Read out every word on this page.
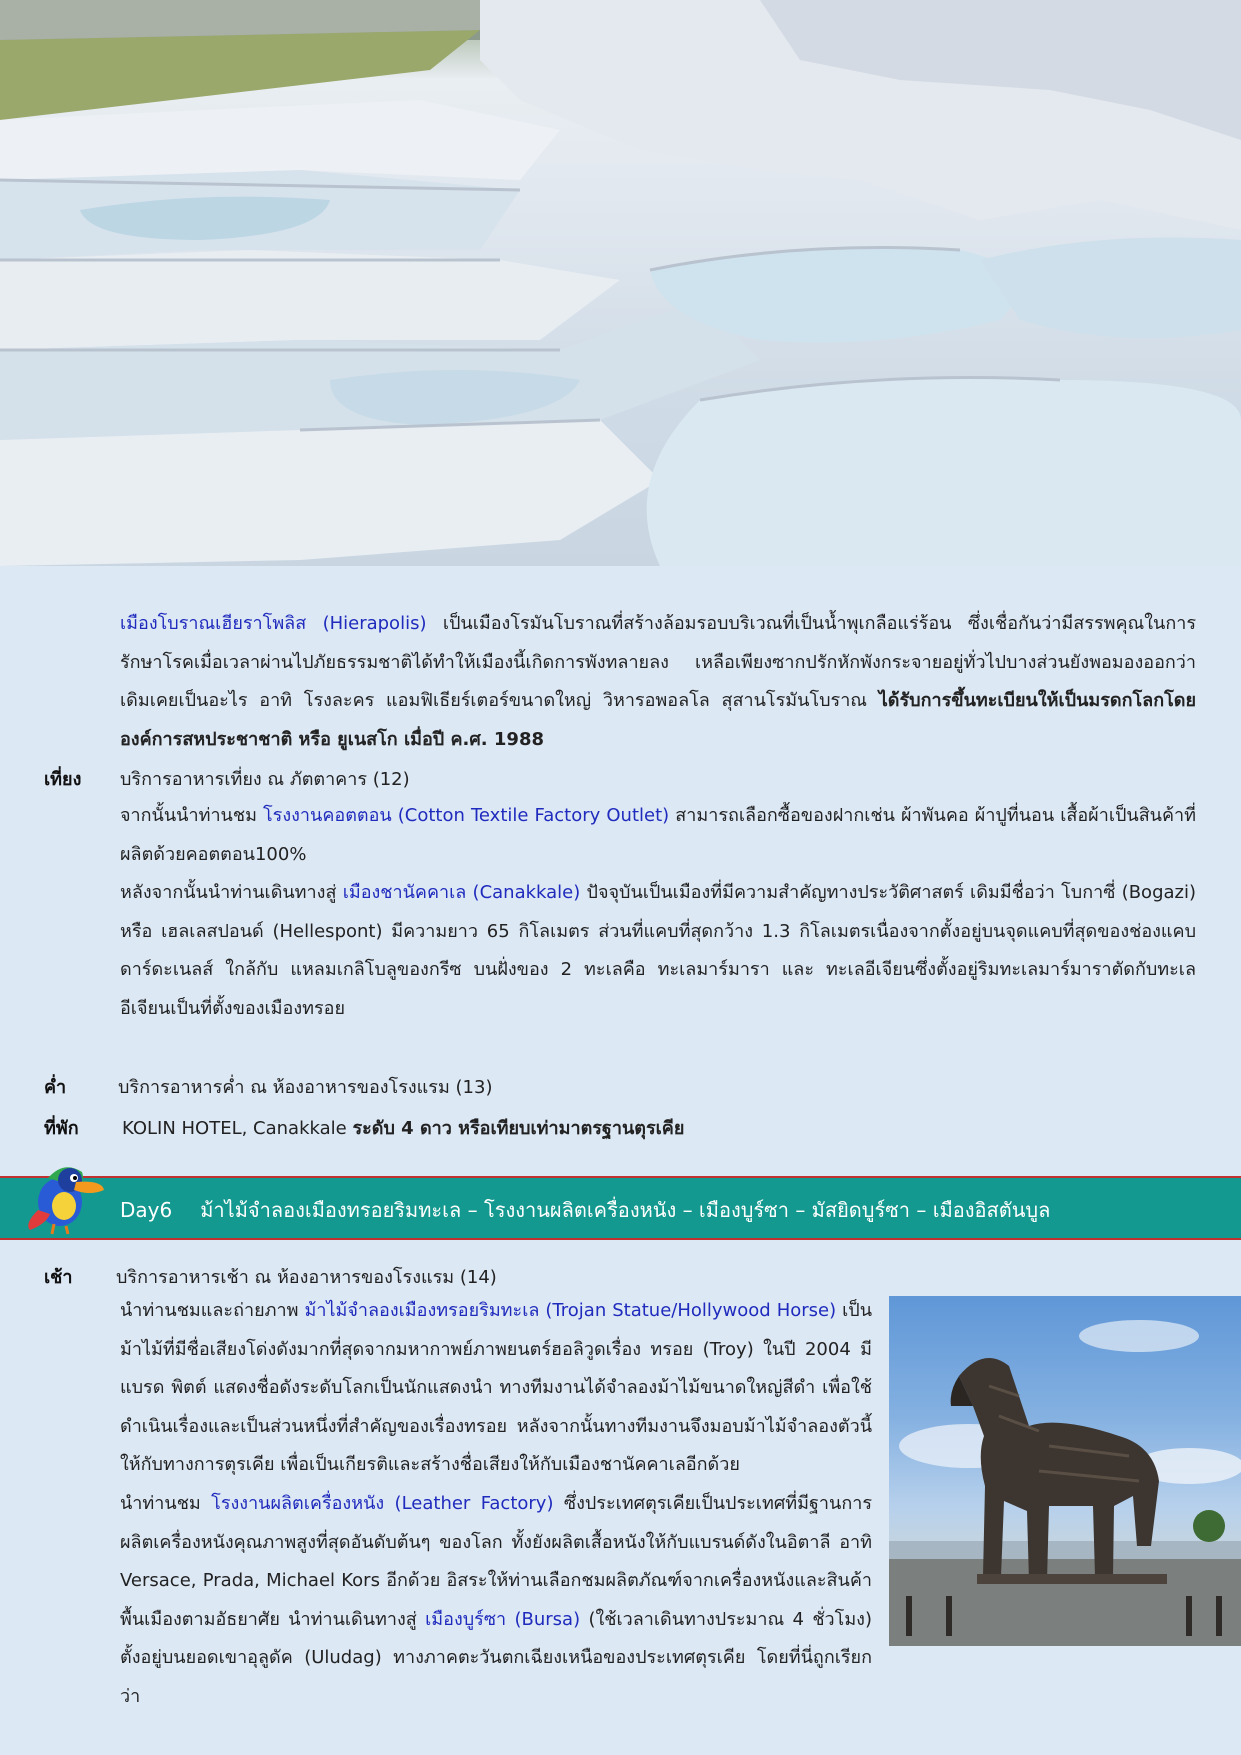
เมืองโบราณเฮียราโพลิส (Hierapolis) เป็นเมืองโรมันโบราณที่สร้างล้อมรอบบริเวณที่เป็นน้ำพุเกลือแร่ร้อน ซึ่งเชื่อกันว่ามีสรรพคุณในการรักษาโรคเมื่อเวลาผ่านไปภัยธรรมชาติได้ทำให้เมืองนี้เกิดการพังทลายลง เหลือเพียงซากปรักหักพังกระจายอยู่ทั่วไปบางส่วนยังพอมองออกว่าเดิมเคยเป็นอะไร อาทิ โรงละคร แอมฟิเธียร์เตอร์ขนาดใหญ่ วิหารอพอลโล สุสานโรมันโบราณ ได้รับการขึ้นทะเบียนให้เป็นมรดกโลกโดยองค์การสหประชาชาติ หรือ ยูเนสโก เมื่อปี ค.ศ. 1988
เที่ยง บริการอาหารเที่ยง ณ ภัตตาคาร (12)
จากนั้นนำท่านชม โรงงานคอตตอน (Cotton Textile Factory Outlet) สามารถเลือกซื้อของฝากเช่น ผ้าพันคอ ผ้าปูที่นอน เสื้อผ้าเป็นสินค้าที่ผลิตด้วยคอตตอน100%
หลังจากนั้นนำท่านเดินทางสู่ เมืองชานัคคาเล (Canakkale) ปัจจุบันเป็นเมืองที่มีความสำคัญทางประวัติศาสตร์ เดิมมีชื่อว่า โบกาซี่ (Bogazi) หรือ เฮลเลสปอนด์ (Hellespont) มีความยาว 65 กิโลเมตร ส่วนที่แคบที่สุดกว้าง 1.3 กิโลเมตรเนื่องจากตั้งอยู่บนจุดแคบที่สุดของช่องแคบดาร์ดะเนลส์ ใกล้กับ แหลมเกลิโบลูของกรีซ บนฝั่งของ 2 ทะเลคือ ทะเลมาร์มารา และ ทะเลอีเจียนซึ่งตั้งอยู่ริมทะเลมาร์มาราตัดกับทะเลอีเจียนเป็นที่ตั้งของเมืองทรอย
ค่ำ	บริการอาหารค่ำ ณ ห้องอาหารของโรงแรม (13)
ที่พัก KOLIN HOTEL, Canakkale ระดับ 4 ดาว หรือเทียบเท่ามาตรฐานตุรเคีย
Day6 ม้าไม้จำลองเมืองทรอยริมทะเล – โรงงานผลิตเครื่องหนัง – เมืองบูร์ซา – มัสยิดบูร์ซา – เมืองอิสตันบูล
เช้า บริการอาหารเช้า ณ ห้องอาหารของโรงแรม (14)
นำท่านชมและถ่ายภาพ ม้าไม้จำลองเมืองทรอยริมทะเล (Trojan Statue/Hollywood Horse) เป็นม้าไม้ที่มีชื่อเสียงโด่งดังมากที่สุดจากมหากาพย์ภาพยนตร์ฮอลิวูดเรื่อง ทรอย (Troy) ในปี 2004 มีแบรด พิตต์ แสดงชื่อดังระดับโลกเป็นนักแสดงนำ ทางทีมงานได้จำลองม้าไม้ขนาดใหญ่สีดำ เพื่อใช้ดำเนินเรื่องและเป็นส่วนหนึ่งที่สำคัญของเรื่องทรอย หลังจากนั้นทางทีมงานจึงมอบม้าไม้จำลองตัวนี้ให้กับทางการตุรเคีย เพื่อเป็นเกียรติและสร้างชื่อเสียงให้กับเมืองชานัคคาเลอีกด้วย
นำท่านชม โรงงานผลิตเครื่องหนัง (Leather Factory) ซึ่งประเทศตุรเคียเป็นประเทศที่มีฐานการผลิตเครื่องหนังคุณภาพสูงที่สุดอันดับต้นๆ ของโลก ทั้งยังผลิตเสื้อหนังให้กับแบรนด์ดังในอิตาลี อาทิ Versace, Prada, Michael Kors อีกด้วย อิสระให้ท่านเลือกชมผลิตภัณฑ์จากเครื่องหนังและสินค้าพื้นเมืองตามอัธยาศัย นำท่านเดินทางสู่ เมืองบูร์ซา (Bursa) (ใช้เวลาเดินทางประมาณ 4 ชั่วโมง) ตั้งอยู่บนยอดเขาอุลูดัค (Uludag) ทางภาคตะวันตกเฉียงเหนือของประเทศตุรเคีย โดยที่นี่ถูกเรียกว่า
